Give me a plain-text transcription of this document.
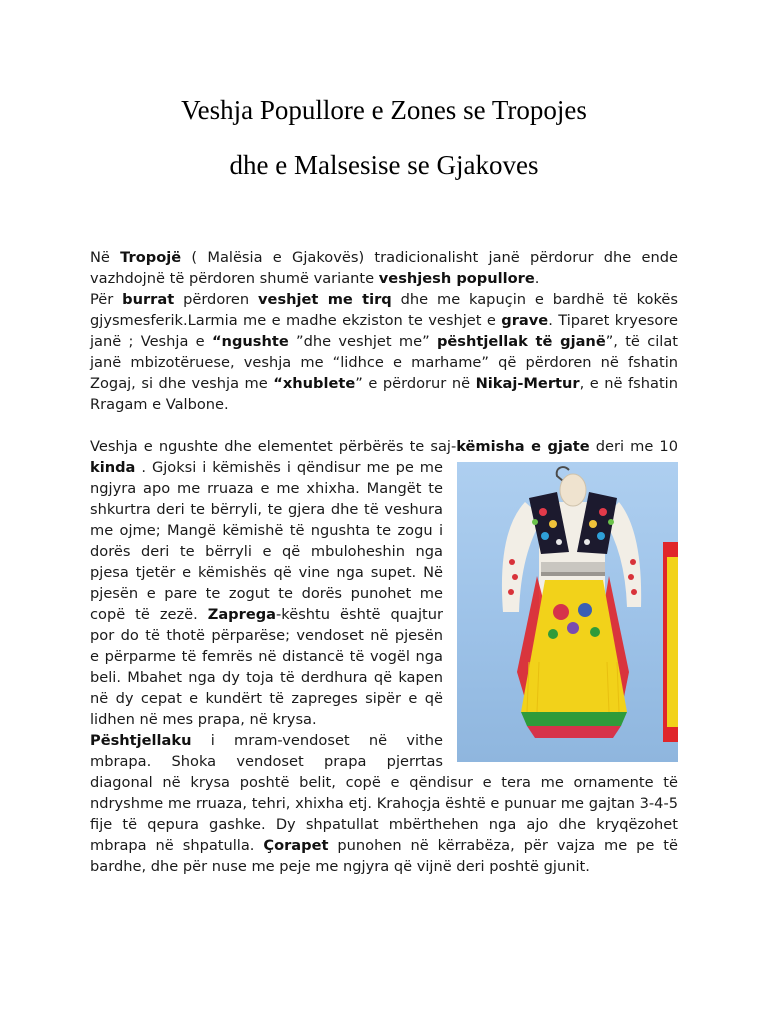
Veshja Popullore e Zones se Tropojes
dhe e Malsesise se Gjakoves

Në Tropojë ( Malësia e Gjakovës) tradicionalisht janë përdorur dhe ende vazhdojnë të përdoren shumë variante veshjesh popullore.

Për burrat përdoren veshjet me tirq dhe me kapuçin e bardhë të kokës gjysmesferik.Larmia me e madhe ekziston te veshjet e grave. Tiparet kryesore janë ; Veshja e “ngushte ”dhe veshjet me” pështjellak të gjanë”, të cilat janë mbizotëruese, veshja me “lidhce e marhame” që përdoren në fshatin Zogaj, si dhe veshja me “xhublete” e përdorur në Nikaj-Mertur, e në fshatin Rragam e Valbone.

Veshja e ngushte dhe elementet përbërës te saj-këmisha e gjate deri me 10 kinda
. Gjoksi i këmishës i qëndisur me pe me ngjyra apo me rruaza e me xhixha. Mangët te shkurtra deri te bërryli, te gjera dhe të veshura me ojme; Mangë këmishë të ngushta te zogu i dorës deri te bërryli e që mbuloheshin nga pjesa tjetër e këmishës që vine nga supet. Në pjesën e pare te zogut te dorës punohet me copë të zezë. Zaprega-kështu është quajtur por do të thotë përparëse; vendoset në pjesën e përparme të femrës në distancë të vogël nga beli. Mbahet nga dy toja të derdhura që kapen në dy cepat e kundërt të zapreges sipër e që lidhen në mes prapa, në krysa.

Pështjellaku i mram-vendoset në vithe mbrapa. Shoka vendoset prapa pjerrtas diagonal në krysa poshtë belit, copë e qëndisur e tera me ornamente të ndryshme me rruaza, tehri, xhixha etj. Krahoçja është e punuar me gajtan 3-4-5 fije të qepura gashke. Dy shpatullat mbërthehen nga ajo dhe kryqëzohet mbrapa në shpatulla. Çorapet punohen në kërrabëza, për vajza me pe të bardhe, dhe për nuse me peje me ngjyra që vijnë deri poshtë gjunit.
